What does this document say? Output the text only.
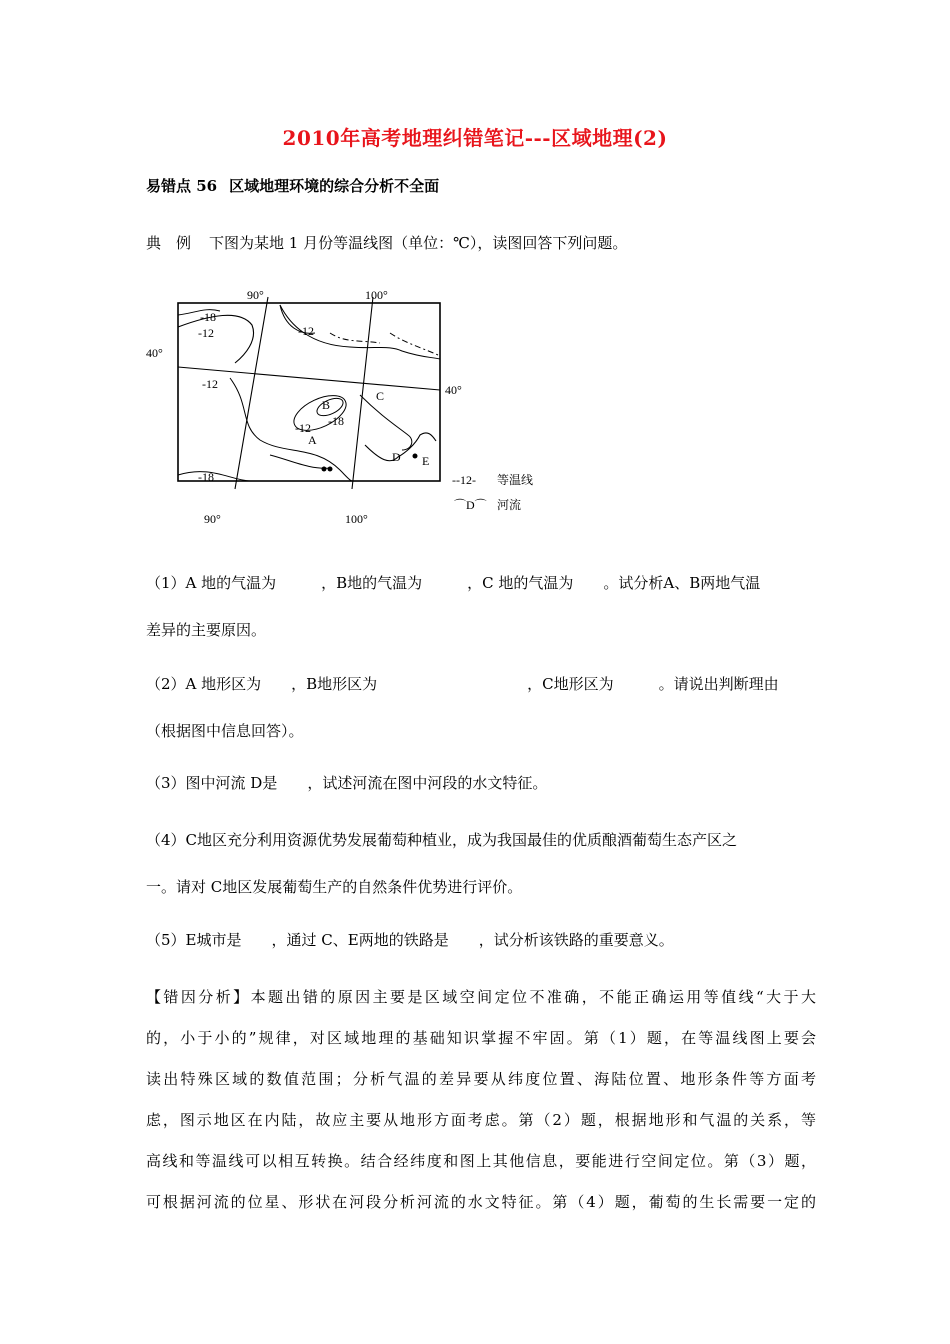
2010年高考地理纠错笔记---区域地理(2)
易错点 56 区域地理环境的综合分析不全面
典　例 下图为某地 1 月份等温线图（单位：℃），读图回答下列问题。
90°	100°
90°	100°
40°
40°
-18
-12	-12
-12
-18
-12
-18
A
B
C
D E
--12- 等温线
⌒D⌒ 河流
（1）A 地的气温为　　　，B地的气温为　　　，C 地的气温为　　。试分析A、B两地气温
差异的主要原因。
（2）A 地形区为　　，B地形区为　　　　　　　　　　，C地形区为　　　。请说出判断理由
（根据图中信息回答）。
（3）图中河流 D是　　，试述河流在图中河段的水文特征。
（4）C地区充分利用资源优势发展葡萄种植业，成为我国最佳的优质酿酒葡萄生态产区之
一。请对 C地区发展葡萄生产的自然条件优势进行评价。
（5）E城市是　　，通过 C、E两地的铁路是　　，试分析该铁路的重要意义。
【错因分析】本题出错的原因主要是区域空间定位不准确，不能正确运用等值线“大于大
的，小于小的”规律，对区域地理的基础知识掌握不牢固。第（1）题，在等温线图上要会
读出特殊区域的数值范围；分析气温的差异要从纬度位置、海陆位置、地形条件等方面考
虑，图示地区在内陆，故应主要从地形方面考虑。第（2）题，根据地形和气温的关系，等
高线和等温线可以相互转换。结合经纬度和图上其他信息，要能进行空间定位。第（3）题，
可根据河流的位星、形状在河段分析河流的水文特征。第（4）题，葡萄的生长需要一定的
